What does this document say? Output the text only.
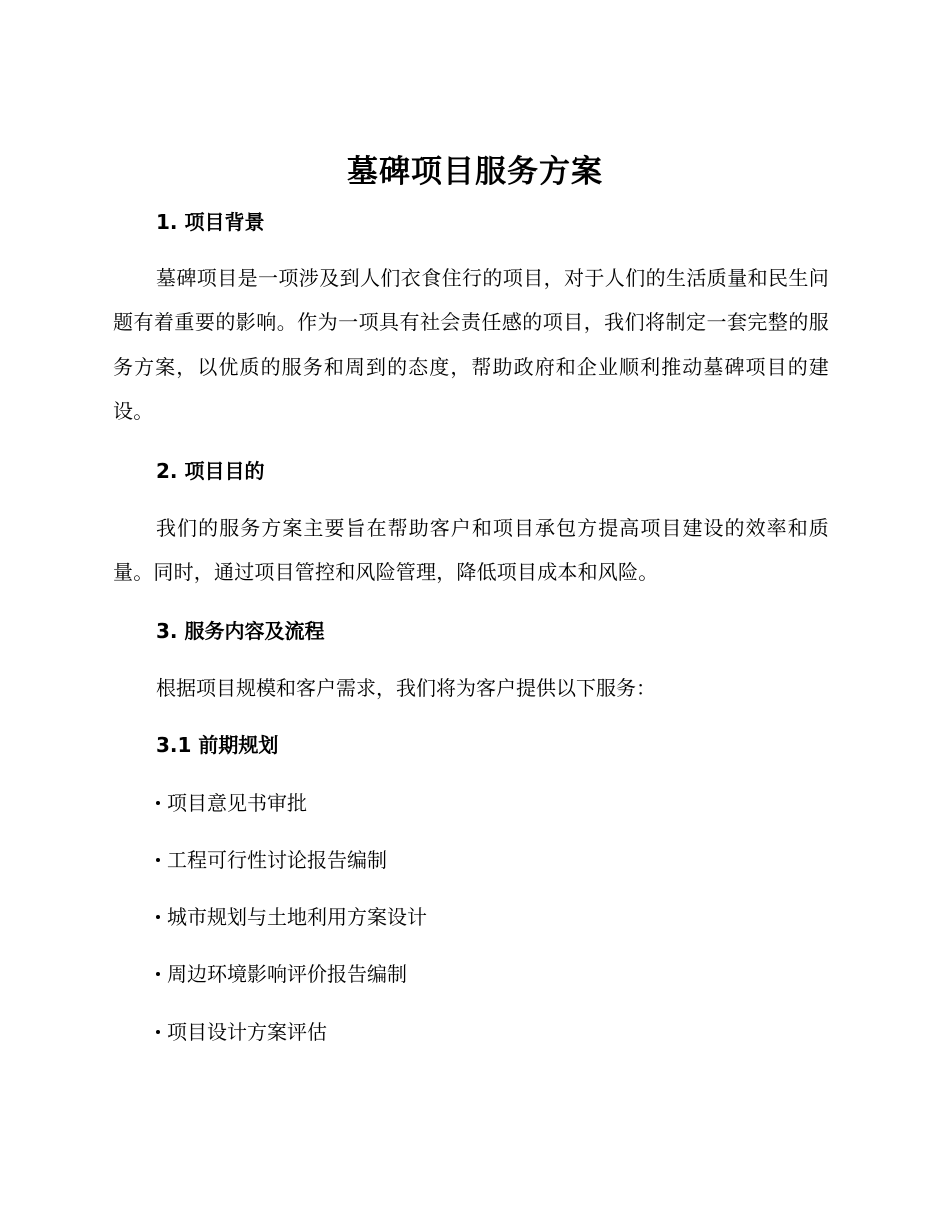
墓碑项目服务方案
1. 项目背景
墓碑项目是一项涉及到人们衣食住行的项目，对于人们的生活质量和民生问题有着重要的影响。作为一项具有社会责任感的项目，我们将制定一套完整的服务方案，以优质的服务和周到的态度，帮助政府和企业顺利推动墓碑项目的建设。
2. 项目目的
我们的服务方案主要旨在帮助客户和项目承包方提高项目建设的效率和质量。同时，通过项目管控和风险管理，降低项目成本和风险。
3. 服务内容及流程
根据项目规模和客户需求，我们将为客户提供以下服务：
3.1 前期规划
项目意见书审批
工程可行性讨论报告编制
城市规划与土地利用方案设计
周边环境影响评价报告编制
项目设计方案评估
